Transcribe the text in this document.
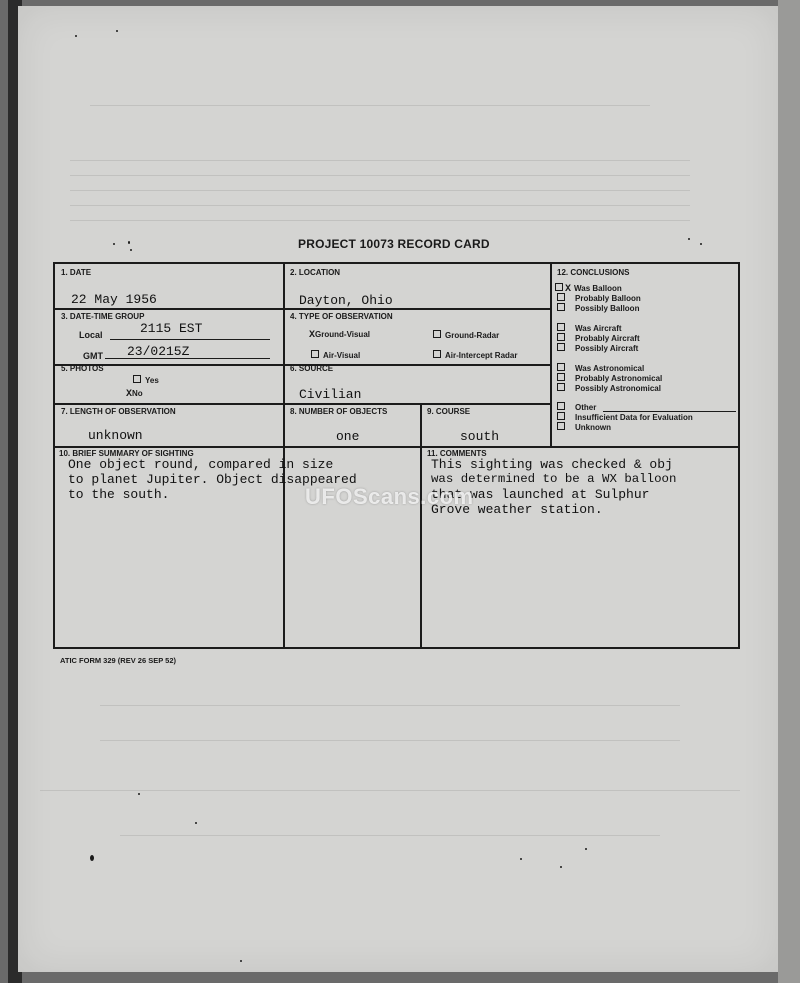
PROJECT 10073 RECORD CARD
1. DATE
22 May 1956
2. LOCATION
Dayton, Ohio
3. DATE-TIME GROUP
Local	2115 EST
GMT 23/0215Z
4. TYPE OF OBSERVATION
XGround-Visual	Ground-Radar
Air-Visual	Air-Intercept Radar
5. PHOTOS
Yes
XNo
6. SOURCE
Civilian
7. LENGTH OF OBSERVATION
unknown
8. NUMBER OF OBJECTS
one
9. COURSE
south
10. BRIEF SUMMARY OF SIGHTING
One object round, compared in size
to planet Jupiter. Object disappeared
to the south.
11. COMMENTS
This sighting was checked & obj
was determined to be a WX balloon
that was launched at Sulphur
Grove weather station.
12. CONCLUSIONS
X Was Balloon
Probably Balloon
Possibly Balloon
Was Aircraft
Probably Aircraft
Possibly Aircraft
Was Astronomical
Probably Astronomical
Possibly Astronomical
Other
Insufficient Data for Evaluation
Unknown
UFOScans.com
ATIC FORM 329 (REV 26 SEP 52)
